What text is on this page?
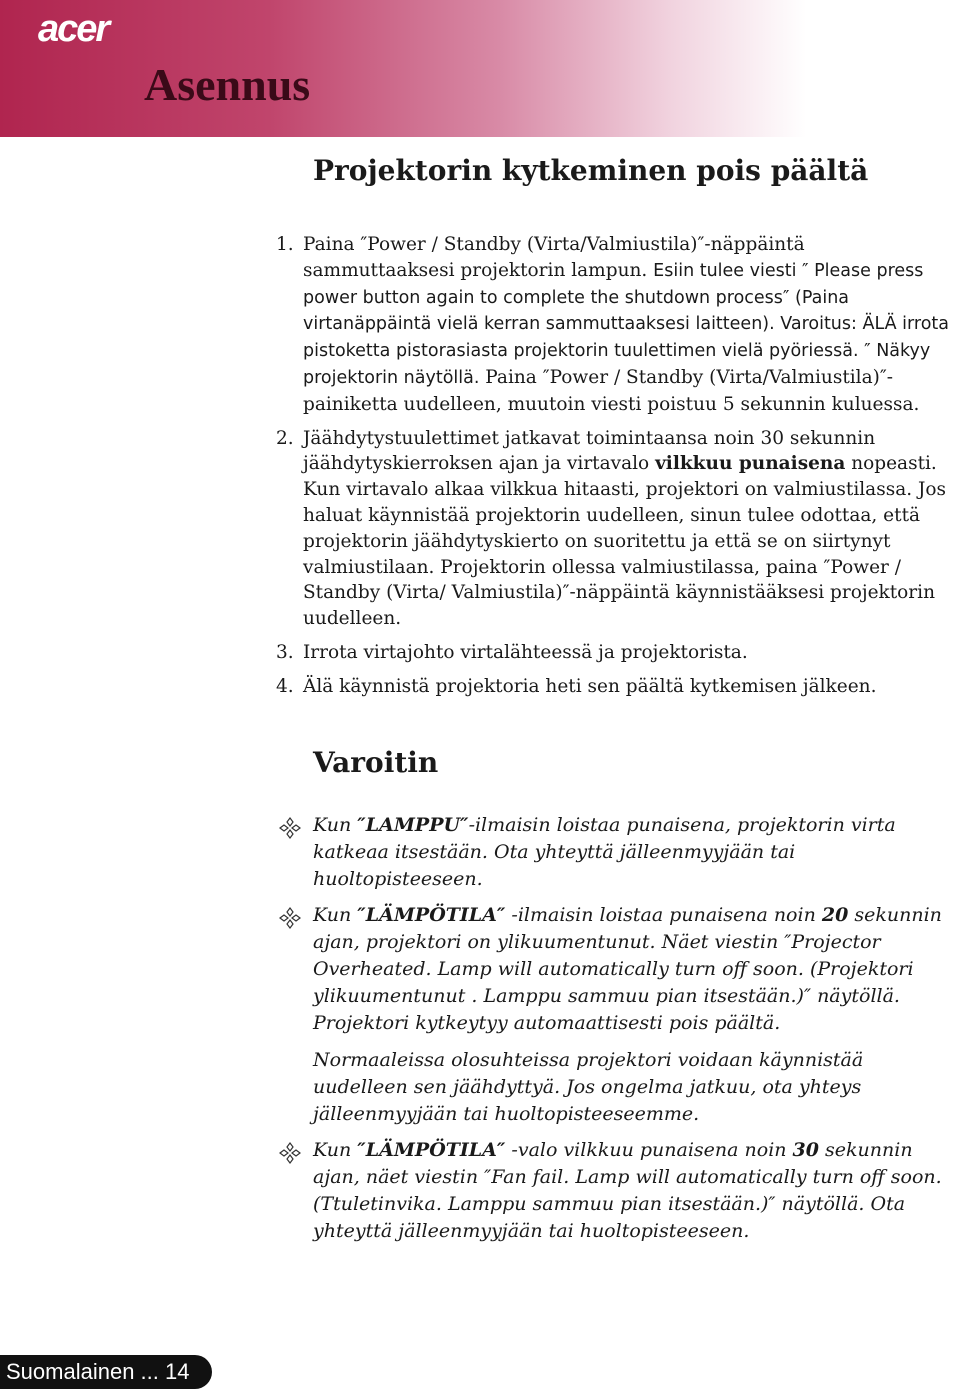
acer
Asennus
Projektorin kytkeminen pois päältä
1. Paina ″Power / Standby (Virta/Valmiustila)″-näppäintä sammuttaaksesi projektorin lampun. Esiin tulee viesti ″ Please press power button again to complete the shutdown process″ (Paina virtanäppäintä vielä kerran sammuttaaksesi laitteen). Varoitus: ÄLÄ irrota pistoketta pistorasiasta projektorin tuulettimen vielä pyöriessä. ″ Näkyy projektorin näytöllä. Paina ″Power / Standby (Virta/Valmiustila)″-painiketta uudelleen, muutoin viesti poistuu 5 sekunnin kuluessa.
2. Jäähdytystuulettimet jatkavat toimintaansa noin 30 sekunnin jäähdytyskierroksen ajan ja virtavalo vilkkuu punaisena nopeasti. Kun virtavalo alkaa vilkkua hitaasti, projektori on valmiustilassa. Jos haluat käynnistää projektorin uudelleen, sinun tulee odottaa, että projektorin jäähdytyskierto on suoritettu ja että se on siirtynyt valmiustilaan. Projektorin ollessa valmiustilassa, paina ″Power / Standby (Virta/ Valmiustila)″-näppäintä käynnistääksesi projektorin uudelleen.
3. Irrota virtajohto virtalähteessä ja projektorista.
4. Älä käynnistä projektoria heti sen päältä kytkemisen jälkeen.
Varoitin

Kun ″LAMPPU″-ilmaisin loistaa punaisena, projektorin virta katkeaa itsestään. Ota yhteyttä jälleenmyyjään tai huoltopisteeseen.

Kun ″LÄMPÖTILA″ -ilmaisin loistaa punaisena noin 20 sekunnin ajan, projektori on ylikuumentunut. Näet viestin ″Projector Overheated. Lamp will automatically turn off soon. (Projektori ylikuumentunut . Lamppu sammuu pian itsestään.)″ näytöllä. Projektori kytkeytyy automaattisesti pois päältä.

Normaaleissa olosuhteissa projektori voidaan käynnistää uudelleen sen jäähdyttyä. Jos ongelma jatkuu, ota yhteys jälleenmyyjään tai huoltopisteeseemme.

Kun ″LÄMPÖTILA″ -valo vilkkuu punaisena noin 30 sekunnin ajan, näet viestin ″Fan fail. Lamp will automatically turn off soon. (Ttuletinvika. Lamppu sammuu pian itsestään.)″ näytöllä. Ota yhteyttä jälleenmyyjään tai huoltopisteeseen.

Suomalainen ... 14
